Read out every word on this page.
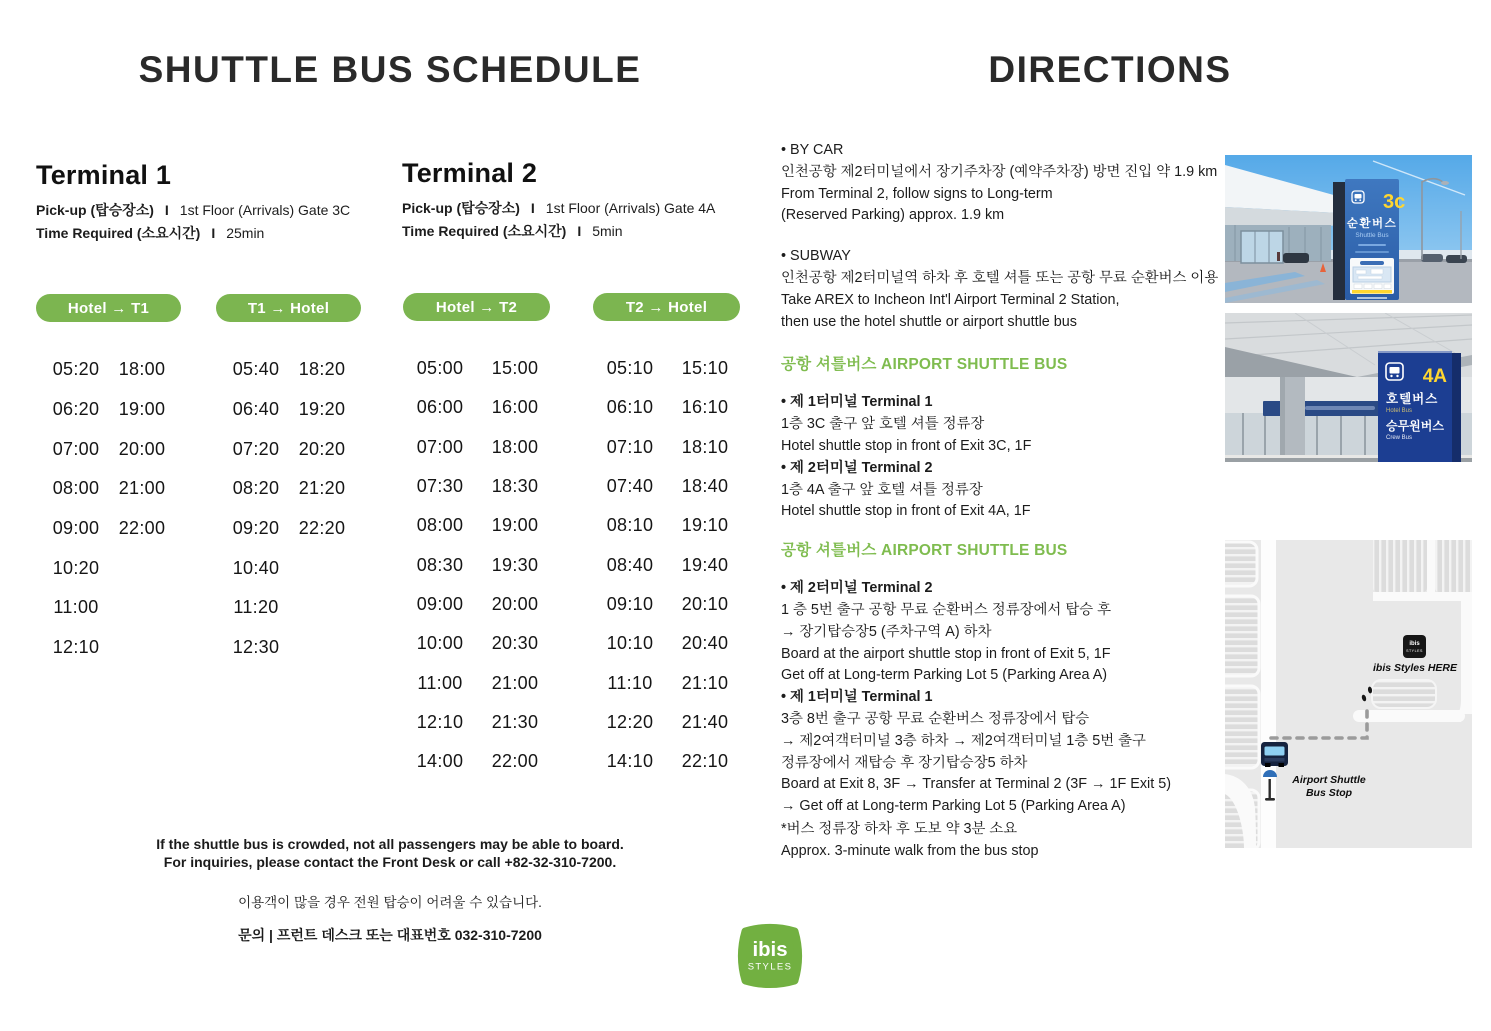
SHUTTLE BUS SCHEDULE	DIRECTIONS
Terminal 1
Pick-up (탑승장소) I 1st Floor (Arrivals) Gate 3C
Time Required (소요시간) I 25min
Terminal 2
Pick-up (탑승장소) I 1st Floor (Arrivals) Gate 4A
Time Required (소요시간) I 5min
Hotel → T1	T1 → Hotel	Hotel → T2	T2 → Hotel
05:20	18:00
06:20	19:00
07:00	20:00
08:00	21:00
09:00	22:00
10:20
11:00
12:10
05:40	18:20
06:40	19:20
07:20	20:20
08:20	21:20
09:20	22:20
10:40
11:20
12:30
05:00	15:00
06:00	16:00
07:00	18:00
07:30	18:30
08:00	19:00
08:30	19:30
09:00	20:00
10:00	20:30
11:00	21:00
12:10	21:30
14:00	22:00
05:10	15:10
06:10	16:10
07:10	18:10
07:40	18:40
08:10	19:10
08:40	19:40
09:10	20:10
10:10	20:40
11:10	21:10
12:20	21:40
14:10	22:10

• BY CAR

인천공항 제2터미널에서 장기주차장 (예약주차장) 방면 진입 약 1.9 km

From Terminal 2, follow signs to Long-term

(Reserved Parking) approx. 1.9 km

• SUBWAY

인천공항 제2터미널역 하차 후 호텔 셔틀 또는 공항 무료 순환버스 이용

Take AREX to Incheon Int'l Airport Terminal 2 Station,

then use the hotel shuttle or airport shuttle bus

공항 셔틀버스 AIRPORT SHUTTLE BUS

• 제 1터미널 Terminal 1

1층 3C 출구 앞 호텔 셔틀 정류장

Hotel shuttle stop in front of Exit 3C, 1F

• 제 2터미널 Terminal 2

1층 4A 출구 앞 호텔 셔틀 정류장

Hotel shuttle stop in front of Exit 4A, 1F

공항 셔틀버스 AIRPORT SHUTTLE BUS

• 제 2터미널 Terminal 2

1 층 5번 출구 공항 무료 순환버스 정류장에서 탑승 후

→ 장기탑승장5 (주차구역 A) 하차

Board at the airport shuttle stop in front of Exit 5, 1F

Get off at Long-term Parking Lot 5 (Parking Area A)

• 제 1터미널 Terminal 1

3층 8번 출구 공항 무료 순환버스 정류장에서 탑승

→ 제2여객터미널 3층 하차 → 제2여객터미널 1층 5번 출구

정류장에서 재탑승 후 장기탑승장5 하차

Board at Exit 8, 3F → Transfer at Terminal 2 (3F → 1F Exit 5)

→ Get off at Long-term Parking Lot 5 (Parking Area A)

*버스 정류장 하차 후 도보 약 3분 소요

Approx. 3-minute walk from the bus stop

If the shuttle bus is crowded, not all passengers may be able to board.
For inquiries, please contact the Front Desk or call +82-32-310-7200.
이용객이 많을 경우 전원 탑승이 어려울 수 있습니다.
문의 | 프런트 데스크 또는 대표번호 032-310-7200
3c
순환버스
Shuttle Bus
4A
호텔버스
Hotel Bus
승무원버스
Crew Bus
ibis
STYLES
ibis Styles HERE
Airport Shuttle
Bus Stop
ibis
STYLES
